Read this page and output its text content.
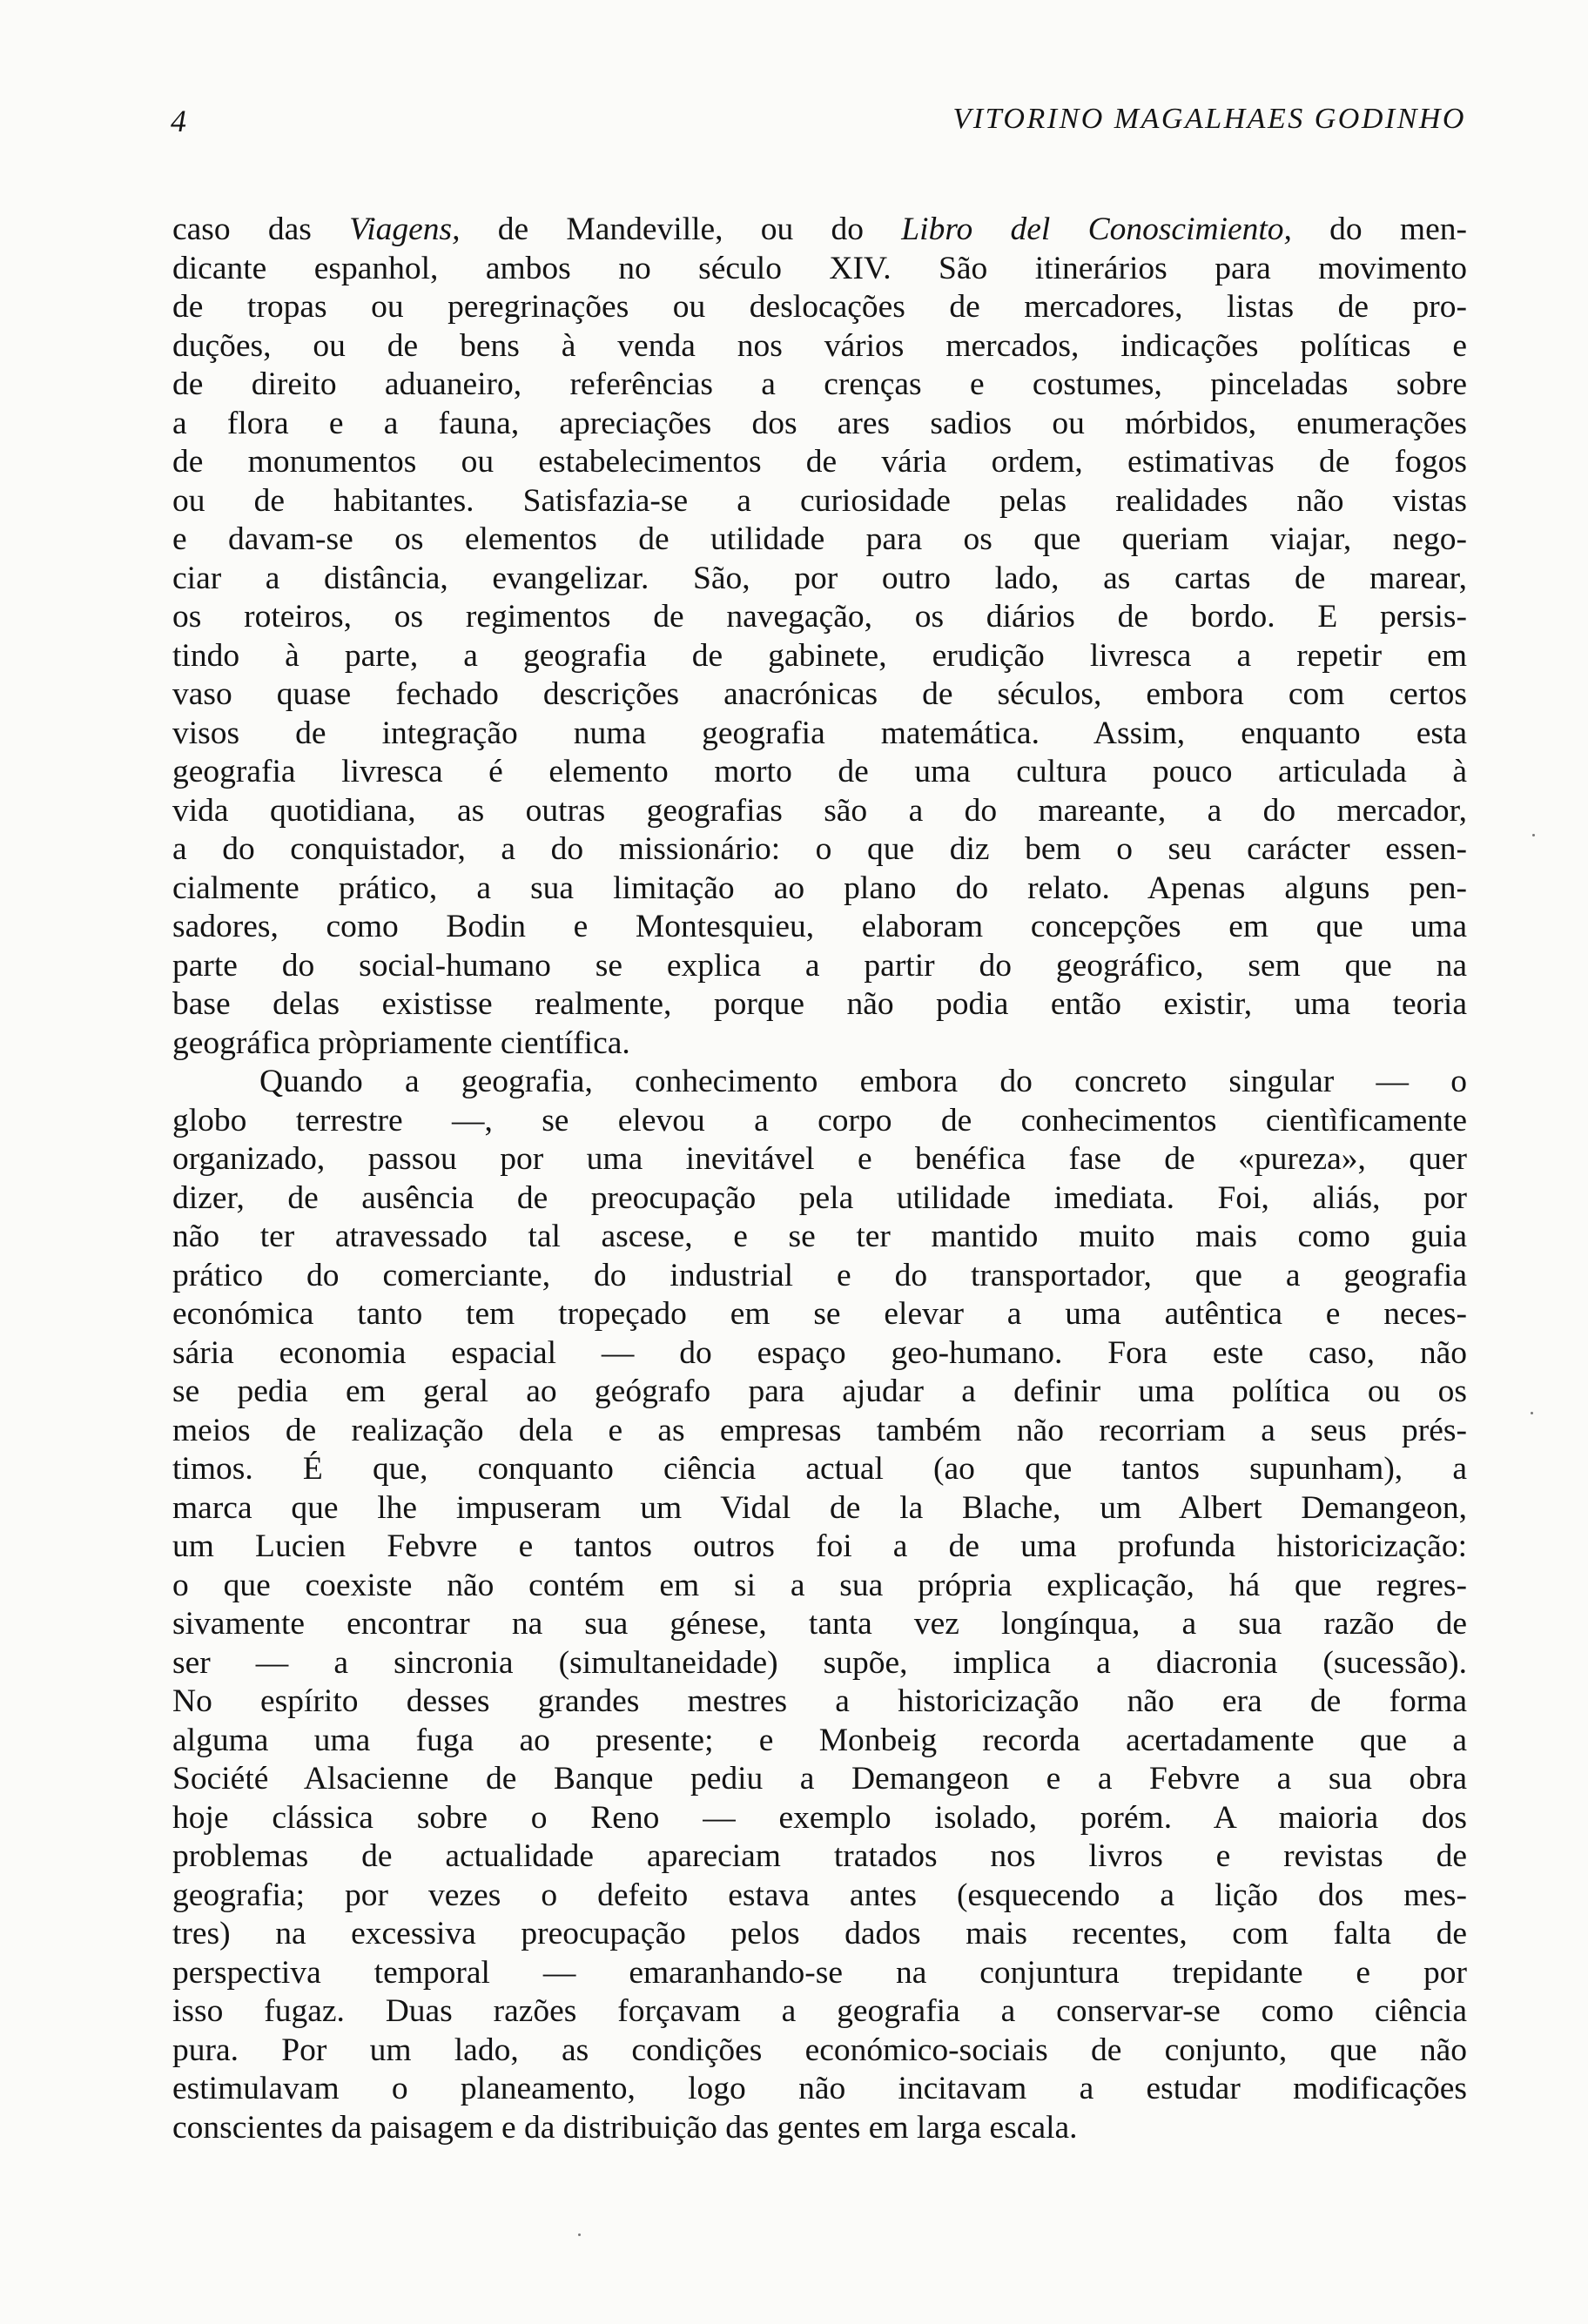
4	VITORINO MAGALHAES GODINHO
caso das Viagens, de Mandeville, ou do Libro del Conoscimiento, do men-
dicante espanhol, ambos no século XIV. São itinerários para movimento
de tropas ou peregrinações ou deslocações de mercadores, listas de pro-
duções, ou de bens à venda nos vários mercados, indicações políticas e
de direito aduaneiro, referências a crenças e costumes, pinceladas sobre
a flora e a fauna, apreciações dos ares sadios ou mórbidos, enumerações
de monumentos ou estabelecimentos de vária ordem, estimativas de fogos
ou de habitantes. Satisfazia-se a curiosidade pelas realidades não vistas
e davam-se os elementos de utilidade para os que queriam viajar, nego-
ciar a distância, evangelizar. São, por outro lado, as cartas de marear,
os roteiros, os regimentos de navegação, os diários de bordo. E persis-
tindo à parte, a geografia de gabinete, erudição livresca a repetir em
vaso quase fechado descrições anacrónicas de séculos, embora com certos
visos de integração numa geografia matemática. Assim, enquanto esta
geografia livresca é elemento morto de uma cultura pouco articulada à
vida quotidiana, as outras geografias são a do mareante, a do mercador,
a do conquistador, a do missionário: o que diz bem o seu carácter essen-
cialmente prático, a sua limitação ao plano do relato. Apenas alguns pen-
sadores, como Bodin e Montesquieu, elaboram concepções em que uma
parte do social-humano se explica a partir do geográfico, sem que na
base delas existisse realmente, porque não podia então existir, uma teoria
geográfica pròpriamente científica.
Quando a geografia, conhecimento embora do concreto singular — o
globo terrestre —, se elevou a corpo de conhecimentos cientìficamente
organizado, passou por uma inevitável e benéfica fase de «pureza», quer
dizer, de ausência de preocupação pela utilidade imediata. Foi, aliás, por
não ter atravessado tal ascese, e se ter mantido muito mais como guia
prático do comerciante, do industrial e do transportador, que a geografia
económica tanto tem tropeçado em se elevar a uma autêntica e neces-
sária economia espacial — do espaço geo-humano. Fora este caso, não
se pedia em geral ao geógrafo para ajudar a definir uma política ou os
meios de realização dela e as empresas também não recorriam a seus prés-
timos. É que, conquanto ciência actual (ao que tantos supunham), a
marca que lhe impuseram um Vidal de la Blache, um Albert Demangeon,
um Lucien Febvre e tantos outros foi a de uma profunda historicização:
o que coexiste não contém em si a sua própria explicação, há que regres-
sivamente encontrar na sua génese, tanta vez longínqua, a sua razão de
ser — a sincronia (simultaneidade) supõe, implica a diacronia (sucessão).
No espírito desses grandes mestres a historicização não era de forma
alguma uma fuga ao presente; e Monbeig recorda acertadamente que a
Société Alsacienne de Banque pediu a Demangeon e a Febvre a sua obra
hoje clássica sobre o Reno — exemplo isolado, porém. A maioria dos
problemas de actualidade apareciam tratados nos livros e revistas de
geografia; por vezes o defeito estava antes (esquecendo a lição dos mes-
tres) na excessiva preocupação pelos dados mais recentes, com falta de
perspectiva temporal — emaranhando-se na conjuntura trepidante e por
isso fugaz. Duas razões forçavam a geografia a conservar-se como ciência
pura. Por um lado, as condições económico-sociais de conjunto, que não
estimulavam o planeamento, logo não incitavam a estudar modificações
conscientes da paisagem e da distribuição das gentes em larga escala.
